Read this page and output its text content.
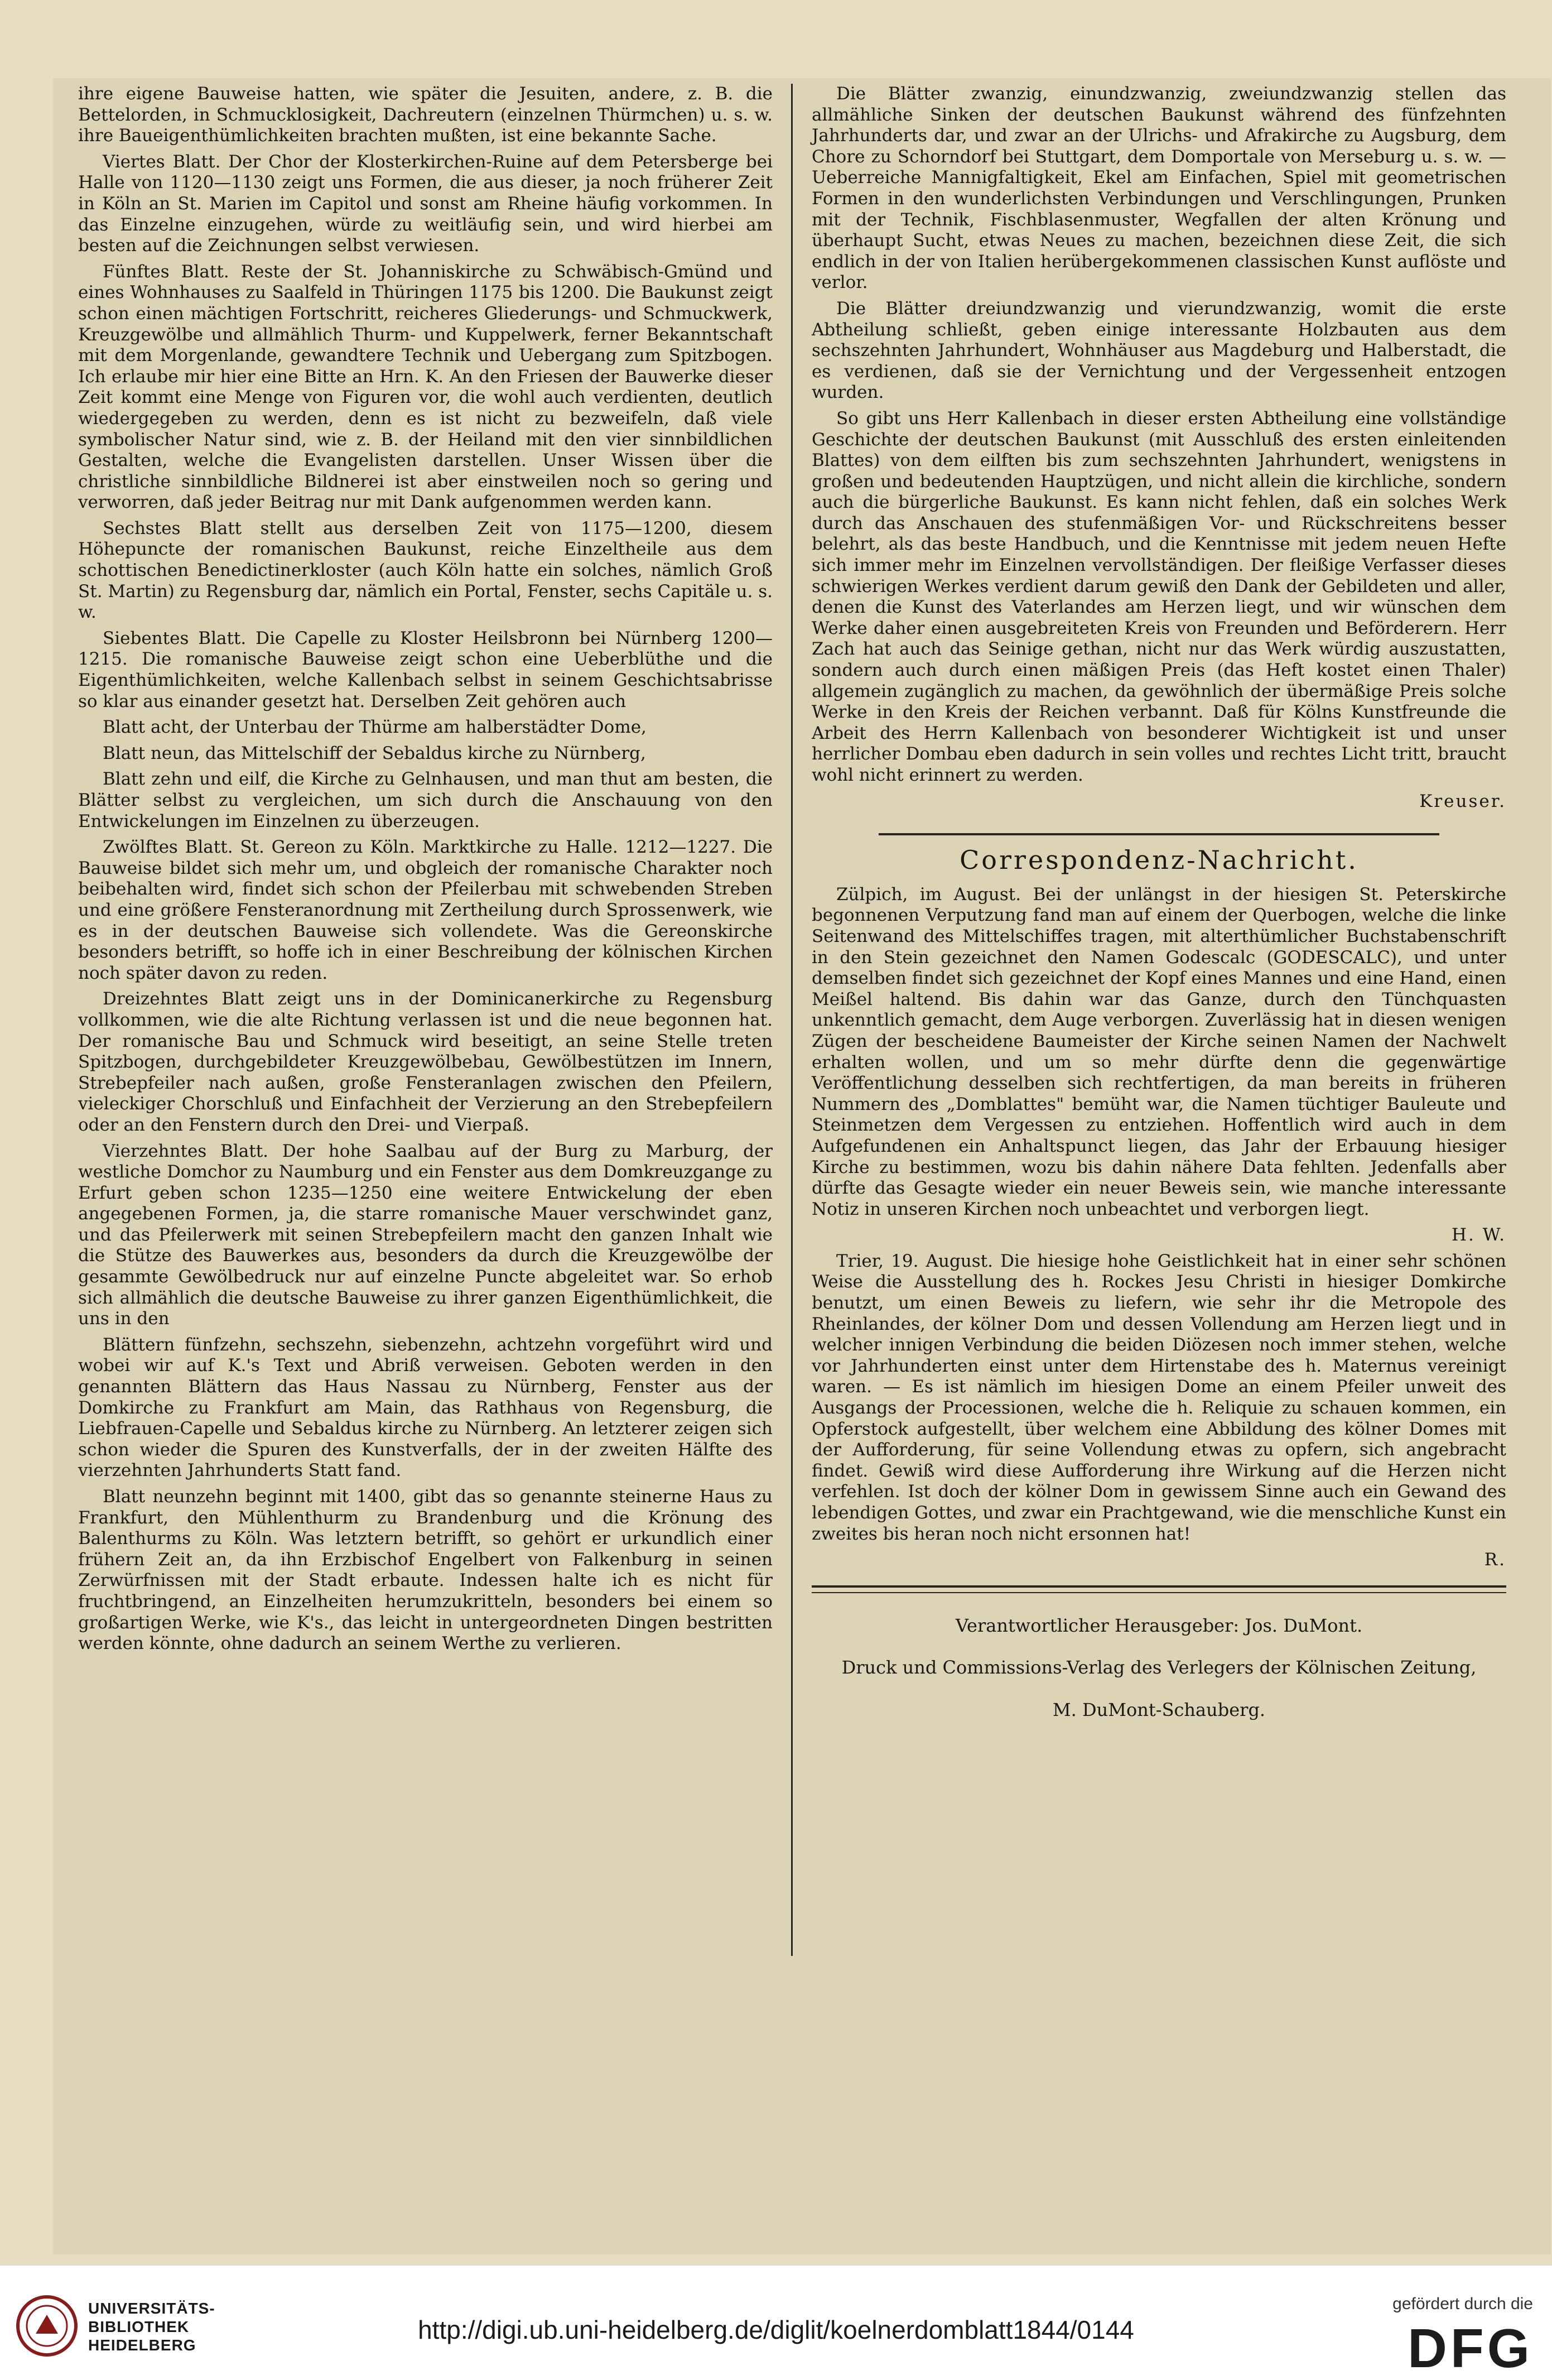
ihre eigene Bauweise hatten, wie später die Jesuiten, andere, z. B. die Bettelorden, in Schmucklosigkeit, Dachreutern (einzelnen Thürmchen) u. s. w. ihre Baueigenthümlichkeiten brachten mußten, ist eine bekannte Sache.

Viertes Blatt. Der Chor der Klosterkirchen-Ruine auf dem Petersberge bei Halle von 1120—1130 zeigt uns Formen, die aus dieser, ja noch früherer Zeit in Köln an St. Marien im Capitol und sonst am Rheine häufig vorkommen. In das Einzelne einzugehen, würde zu weitläufig sein, und wird hierbei am besten auf die Zeichnungen selbst verwiesen.

Fünftes Blatt. Reste der St. Johanniskirche zu Schwäbisch-Gmünd und eines Wohnhauses zu Saalfeld in Thüringen 1175 bis 1200. Die Baukunst zeigt schon einen mächtigen Fortschritt, reicheres Gliederungs- und Schmuckwerk, Kreuzgewölbe und allmählich Thurm- und Kuppelwerk, ferner Bekanntschaft mit dem Morgenlande, gewandtere Technik und Uebergang zum Spitzbogen. Ich erlaube mir hier eine Bitte an Hrn. K. An den Friesen der Bauwerke dieser Zeit kommt eine Menge von Figuren vor, die wohl auch verdienten, deutlich wiedergegeben zu werden, denn es ist nicht zu bezweifeln, daß viele symbolischer Natur sind, wie z. B. der Heiland mit den vier sinnbildlichen Gestalten, welche die Evangelisten darstellen. Unser Wissen über die christliche sinnbildliche Bildnerei ist aber einstweilen noch so gering und verworren, daß jeder Beitrag nur mit Dank aufgenommen werden kann.

Sechstes Blatt stellt aus derselben Zeit von 1175—1200, diesem Höhepuncte der romanischen Baukunst, reiche Einzeltheile aus dem schottischen Benedictinerkloster (auch Köln hatte ein solches, nämlich Groß St. Martin) zu Regensburg dar, nämlich ein Portal, Fenster, sechs Capitäle u. s. w.

Siebentes Blatt. Die Capelle zu Kloster Heilsbronn bei Nürnberg 1200—1215. Die romanische Bauweise zeigt schon eine Ueberblüthe und die Eigenthümlichkeiten, welche Kallenbach selbst in seinem Geschichtsabrisse so klar aus einander gesetzt hat. Derselben Zeit gehören auch

Blatt acht, der Unterbau der Thürme am halberstädter Dome,

Blatt neun, das Mittelschiff der Sebaldus kirche zu Nürnberg,

Blatt zehn und eilf, die Kirche zu Gelnhausen, und man thut am besten, die Blätter selbst zu vergleichen, um sich durch die Anschauung von den Entwickelungen im Einzelnen zu überzeugen.

Zwölftes Blatt. St. Gereon zu Köln. Marktkirche zu Halle. 1212—1227. Die Bauweise bildet sich mehr um, und obgleich der romanische Charakter noch beibehalten wird, findet sich schon der Pfeilerbau mit schwebenden Streben und eine größere Fensteranordnung mit Zertheilung durch Sprossenwerk, wie es in der deutschen Bauweise sich vollendete. Was die Gereonskirche besonders betrifft, so hoffe ich in einer Beschreibung der kölnischen Kirchen noch später davon zu reden.

Dreizehntes Blatt zeigt uns in der Dominicanerkirche zu Regensburg vollkommen, wie die alte Richtung verlassen ist und die neue begonnen hat. Der romanische Bau und Schmuck wird beseitigt, an seine Stelle treten Spitzbogen, durchgebildeter Kreuzgewölbebau, Gewölbestützen im Innern, Strebepfeiler nach außen, große Fensteranlagen zwischen den Pfeilern, vieleckiger Chorschluß und Einfachheit der Verzierung an den Strebepfeilern oder an den Fenstern durch den Drei- und Vierpaß.

Vierzehntes Blatt. Der hohe Saalbau auf der Burg zu Marburg, der westliche Domchor zu Naumburg und ein Fenster aus dem Domkreuzgange zu Erfurt geben schon 1235—1250 eine weitere Entwickelung der eben angegebenen Formen, ja, die starre romanische Mauer verschwindet ganz, und das Pfeilerwerk mit seinen Strebepfeilern macht den ganzen Inhalt wie die Stütze des Bauwerkes aus, besonders da durch die Kreuzgewölbe der gesammte Gewölbedruck nur auf einzelne Puncte abgeleitet war. So erhob sich allmählich die deutsche Bauweise zu ihrer ganzen Eigenthümlichkeit, die uns in den

Blättern fünfzehn, sechszehn, siebenzehn, achtzehn vorgeführt wird und wobei wir auf K.'s Text und Abriß verweisen. Geboten werden in den genannten Blättern das Haus Nassau zu Nürnberg, Fenster aus der Domkirche zu Frankfurt am Main, das Rathhaus von Regensburg, die Liebfrauen-Capelle und Sebaldus kirche zu Nürnberg. An letzterer zeigen sich schon wieder die Spuren des Kunstverfalls, der in der zweiten Hälfte des vierzehnten Jahrhunderts Statt fand.

Blatt neunzehn beginnt mit 1400, gibt das so genannte steinerne Haus zu Frankfurt, den Mühlenthurm zu Brandenburg und die Krönung des Balenthurms zu Köln. Was letztern betrifft, so gehört er urkundlich einer frühern Zeit an, da ihn Erzbischof Engelbert von Falkenburg in seinen Zerwürfnissen mit der Stadt erbaute. Indessen halte ich es nicht für fruchtbringend, an Einzelheiten herumzukritteln, besonders bei einem so großartigen Werke, wie K's., das leicht in untergeordneten Dingen bestritten werden könnte, ohne dadurch an seinem Werthe zu verlieren.

Die Blätter zwanzig, einundzwanzig, zweiundzwanzig stellen das allmähliche Sinken der deutschen Baukunst während des fünfzehnten Jahrhunderts dar, und zwar an der Ulrichs- und Afrakirche zu Augsburg, dem Chore zu Schorndorf bei Stuttgart, dem Domportale von Merseburg u. s. w. — Ueberreiche Mannigfaltigkeit, Ekel am Einfachen, Spiel mit geometrischen Formen in den wunderlichsten Verbindungen und Verschlingungen, Prunken mit der Technik, Fischblasenmuster, Wegfallen der alten Krönung und überhaupt Sucht, etwas Neues zu machen, bezeichnen diese Zeit, die sich endlich in der von Italien herübergekommenen classischen Kunst auflöste und verlor.

Die Blätter dreiundzwanzig und vierundzwanzig, womit die erste Abtheilung schließt, geben einige interessante Holzbauten aus dem sechszehnten Jahrhundert, Wohnhäuser aus Magdeburg und Halberstadt, die es verdienen, daß sie der Vernichtung und der Vergessenheit entzogen wurden.

So gibt uns Herr Kallenbach in dieser ersten Abtheilung eine vollständige Geschichte der deutschen Baukunst (mit Ausschluß des ersten einleitenden Blattes) von dem eilften bis zum sechszehnten Jahrhundert, wenigstens in großen und bedeutenden Hauptzügen, und nicht allein die kirchliche, sondern auch die bürgerliche Baukunst. Es kann nicht fehlen, daß ein solches Werk durch das Anschauen des stufenmäßigen Vor- und Rückschreitens besser belehrt, als das beste Handbuch, und die Kenntnisse mit jedem neuen Hefte sich immer mehr im Einzelnen vervollständigen. Der fleißige Verfasser dieses schwierigen Werkes verdient darum gewiß den Dank der Gebildeten und aller, denen die Kunst des Vaterlandes am Herzen liegt, und wir wünschen dem Werke daher einen ausgebreiteten Kreis von Freunden und Beförderern. Herr Zach hat auch das Seinige gethan, nicht nur das Werk würdig auszustatten, sondern auch durch einen mäßigen Preis (das Heft kostet einen Thaler) allgemein zugänglich zu machen, da gewöhnlich der übermäßige Preis solche Werke in den Kreis der Reichen verbannt. Daß für Kölns Kunstfreunde die Arbeit des Herrn Kallenbach von besonderer Wichtigkeit ist und unser herrlicher Dombau eben dadurch in sein volles und rechtes Licht tritt, braucht wohl nicht erinnert zu werden.

Kreuser.

Correspondenz-Nachricht.

Zülpich, im August. Bei der unlängst in der hiesigen St. Peterskirche begonnenen Verputzung fand man auf einem der Querbogen, welche die linke Seitenwand des Mittelschiffes tragen, mit alterthümlicher Buchstabenschrift in den Stein gezeichnet den Namen Godescalc (GODESCALC), und unter demselben findet sich gezeichnet der Kopf eines Mannes und eine Hand, einen Meißel haltend. Bis dahin war das Ganze, durch den Tünchquasten unkenntlich gemacht, dem Auge verborgen. Zuverlässig hat in diesen wenigen Zügen der bescheidene Baumeister der Kirche seinen Namen der Nachwelt erhalten wollen, und um so mehr dürfte denn die gegenwärtige Veröffentlichung desselben sich rechtfertigen, da man bereits in früheren Nummern des „Domblattes" bemüht war, die Namen tüchtiger Bauleute und Steinmetzen dem Vergessen zu entziehen. Hoffentlich wird auch in dem Aufgefundenen ein Anhaltspunct liegen, das Jahr der Erbauung hiesiger Kirche zu bestimmen, wozu bis dahin nähere Data fehlten. Jedenfalls aber dürfte das Gesagte wieder ein neuer Beweis sein, wie manche interessante Notiz in unseren Kirchen noch unbeachtet und verborgen liegt.

H. W.

Trier, 19. August. Die hiesige hohe Geistlichkeit hat in einer sehr schönen Weise die Ausstellung des h. Rockes Jesu Christi in hiesiger Domkirche benutzt, um einen Beweis zu liefern, wie sehr ihr die Metropole des Rheinlandes, der kölner Dom und dessen Vollendung am Herzen liegt und in welcher innigen Verbindung die beiden Diözesen noch immer stehen, welche vor Jahrhunderten einst unter dem Hirtenstabe des h. Maternus vereinigt waren. — Es ist nämlich im hiesigen Dome an einem Pfeiler unweit des Ausgangs der Processionen, welche die h. Reliquie zu schauen kommen, ein Opferstock aufgestellt, über welchem eine Abbildung des kölner Domes mit der Aufforderung, für seine Vollendung etwas zu opfern, sich angebracht findet. Gewiß wird diese Aufforderung ihre Wirkung auf die Herzen nicht verfehlen. Ist doch der kölner Dom in gewissem Sinne auch ein Gewand des lebendigen Gottes, und zwar ein Prachtgewand, wie die menschliche Kunst ein zweites bis heran noch nicht ersonnen hat!

R.

Verantwortlicher Herausgeber: Jos. DuMont.

Druck und Commissions-Verlag des Verlegers der Kölnischen Zeitung,

M. DuMont-Schauberg.

UNIVERSITÄTS-
BIBLIOTHEK
HEIDELBERG
http://digi.ub.uni-heidelberg.de/diglit/koelnerdomblatt1844/0144
gefördert durch die
DFG
